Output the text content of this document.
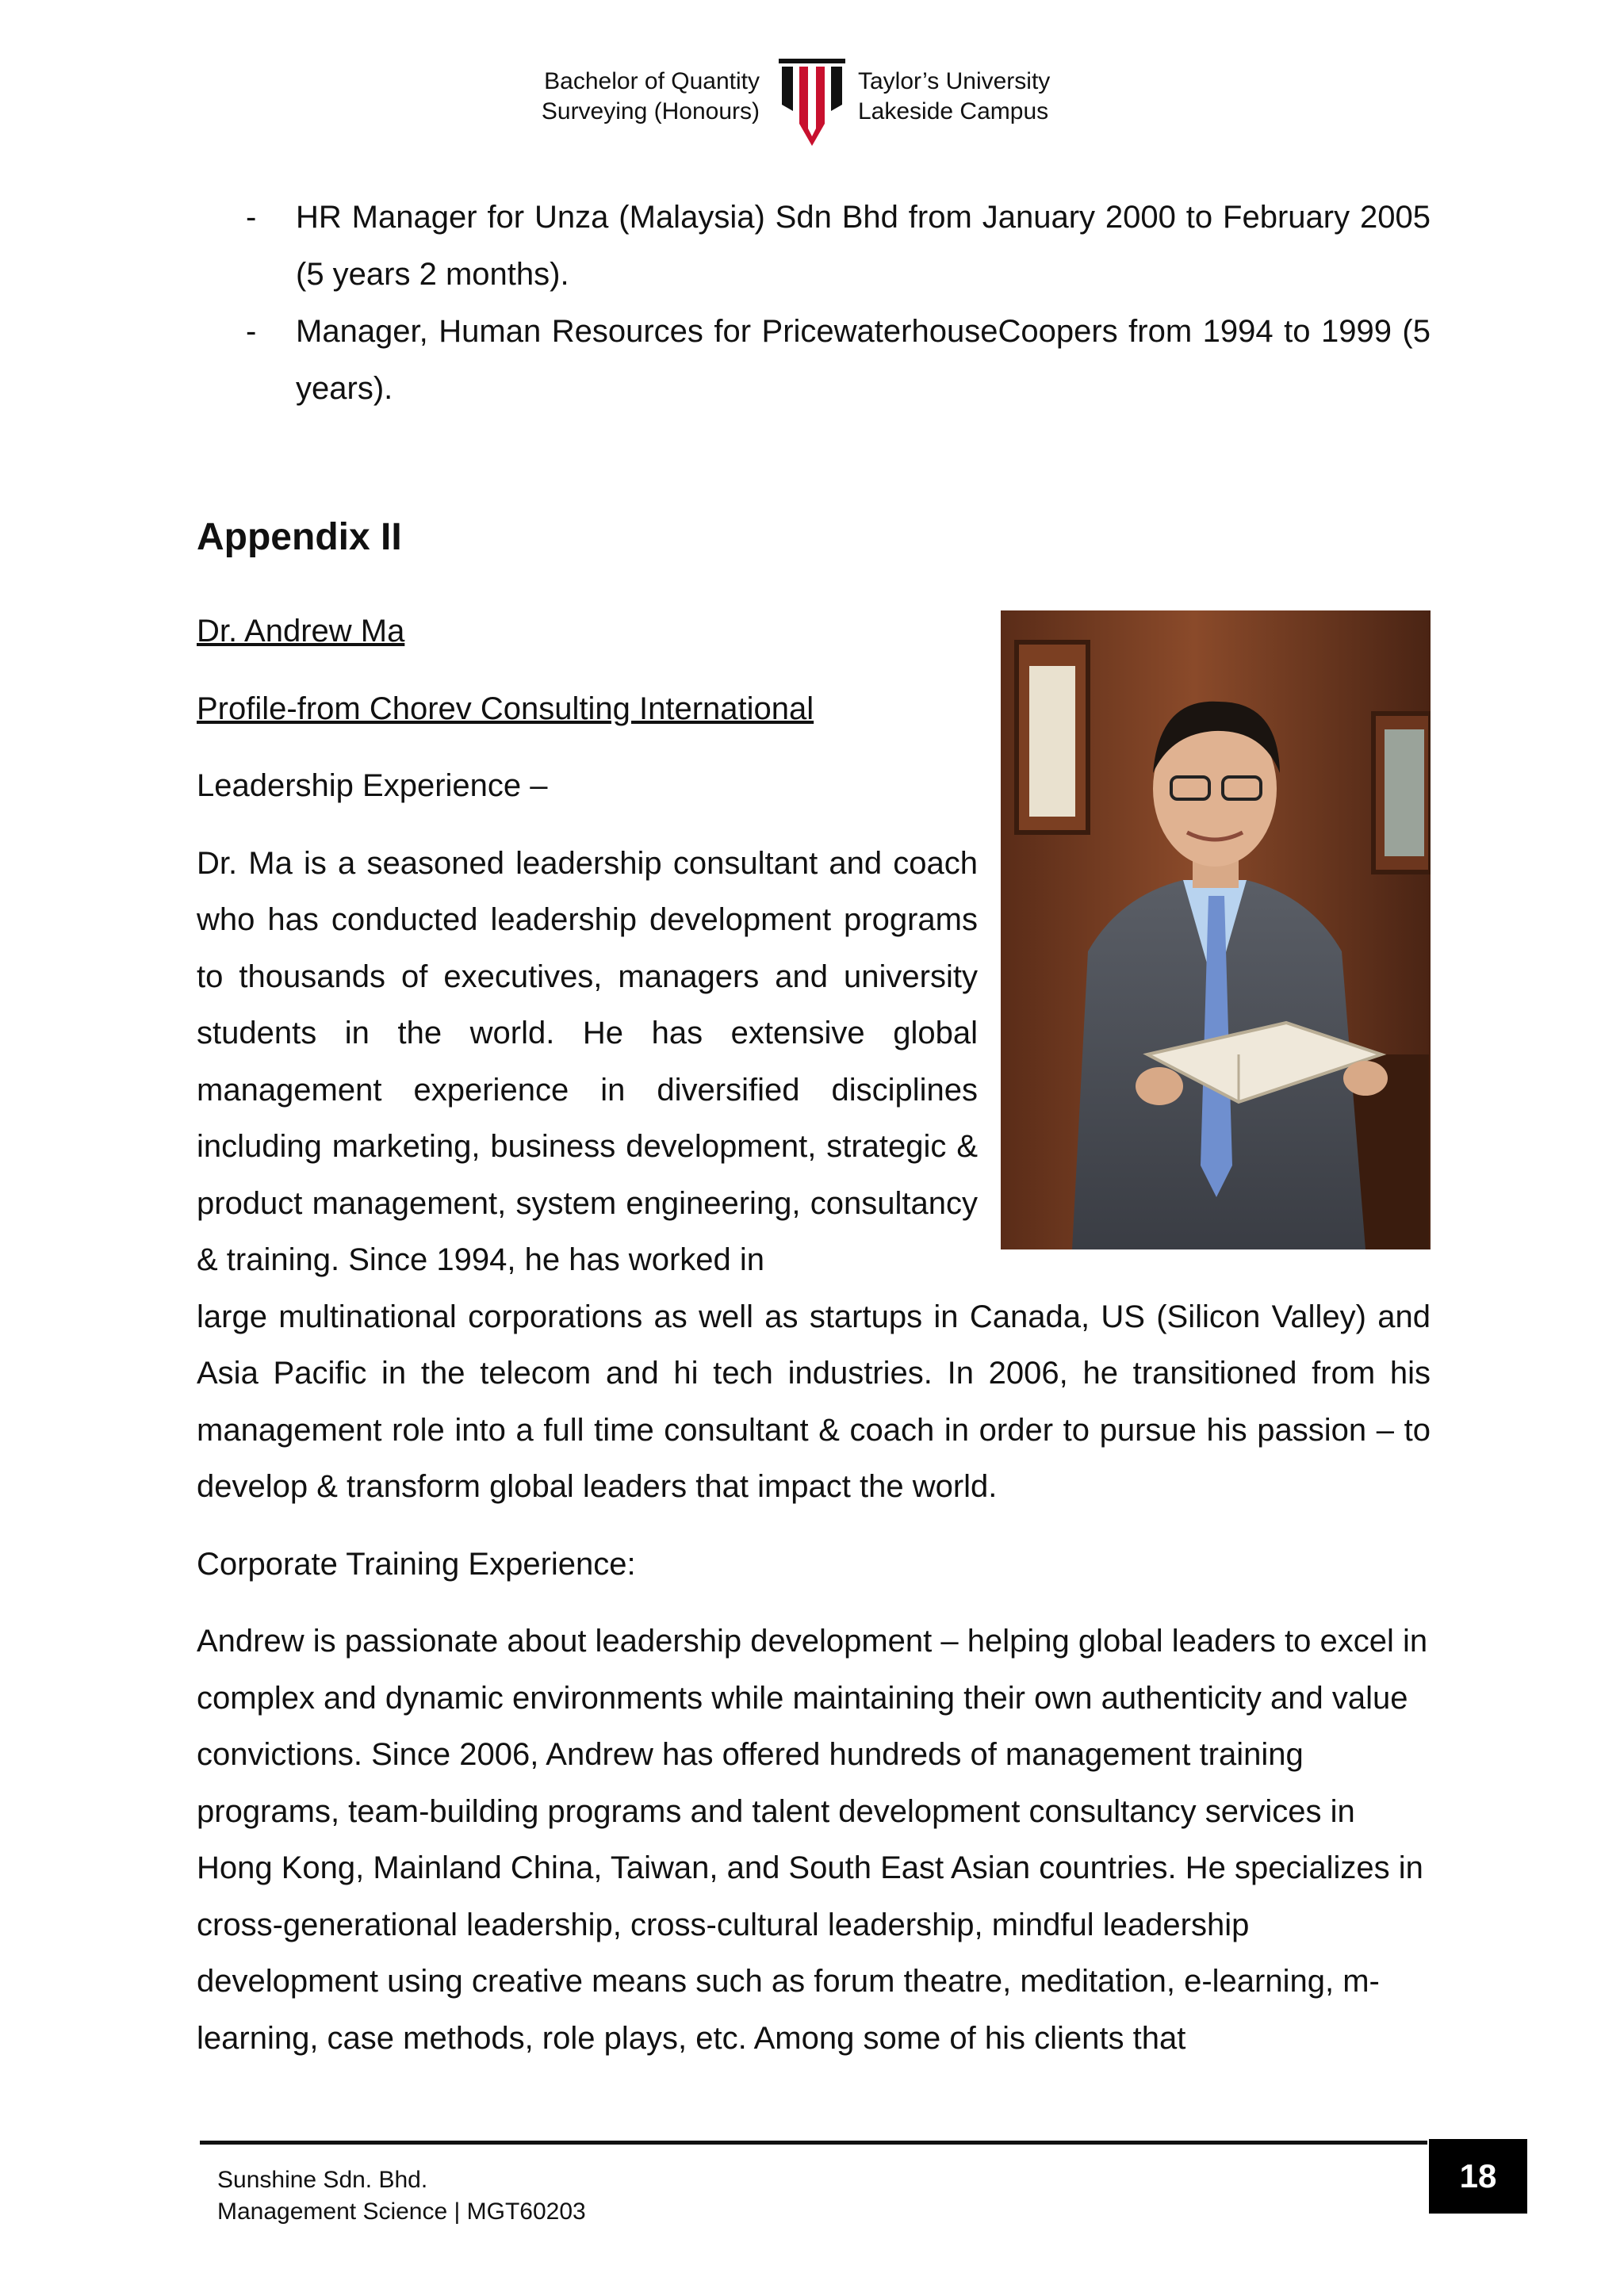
Bachelor of Quantity
Surveying (Honours)
Taylor’s University
Lakeside Campus
- HR Manager for Unza (Malaysia) Sdn Bhd from January 2000 to February 2005 (5 years 2 months).
- Manager, Human Resources for PricewaterhouseCoopers from 1994 to 1999 (5 years).
Appendix II

Dr. Andrew Ma

Profile-from Chorev Consulting International

Leadership Experience –

Dr. Ma is a seasoned leadership consultant and coach who has conducted leadership development programs to thousands of executives, managers and university students in the world. He has extensive global management experience in diversified disciplines including marketing, business development, strategic & product management, system engineering, consultancy & training. Since 1994, he has worked in

large multinational corporations as well as startups in Canada, US (Silicon Valley) and Asia Pacific in the telecom and hi tech industries. In 2006, he transitioned from his management role into a full time consultant & coach in order to pursue his passion – to develop & transform global leaders that impact the world.

Corporate Training Experience:

Andrew is passionate about leadership development – helping global leaders to excel in complex and dynamic environments while maintaining their own authenticity and value convictions. Since 2006, Andrew has offered hundreds of management training programs, team-building programs and talent development consultancy services in Hong Kong, Mainland China, Taiwan, and South East Asian countries. He specializes in cross-generational leadership, cross-cultural leadership, mindful leadership development using creative means such as forum theatre, meditation, e-learning, m-learning, case methods, role plays, etc. Among some of his clients that

Sunshine Sdn. Bhd.
Management Science | MGT60203
18
